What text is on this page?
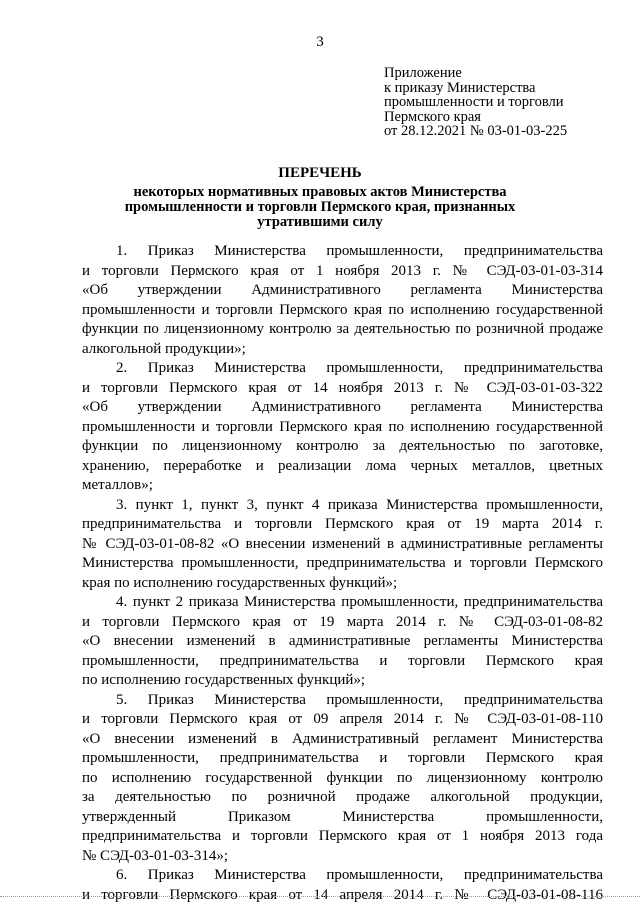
3
Приложение
к приказу Министерства
промышленности и торговли
Пермского края
от 28.12.2021 № 03-01-03-225
ПЕРЕЧЕНЬ
некоторых нормативных правовых актов Министерства
промышленности и торговли Пермского края, признанных
утратившими силу
1. Приказ Министерства промышленности, предпринимательства
и торговли Пермского края от 1 ноября 2013 г. № СЭД-03-01-03-314
«Об утверждении Административного регламента Министерства
промышленности и торговли Пермского края по исполнению государственной
функции по лицензионному контролю за деятельностью по розничной продаже
алкогольной продукции»;
2. Приказ Министерства промышленности, предпринимательства
и торговли Пермского края от 14 ноября 2013 г. № СЭД-03-01-03-322
«Об утверждении Административного регламента Министерства
промышленности и торговли Пермского края по исполнению государственной
функции по лицензионному контролю за деятельностью по заготовке,
хранению, переработке и реализации лома черных металлов, цветных
металлов»;
3. пункт 1, пункт 3, пункт 4 приказа Министерства промышленности,
предпринимательства и торговли Пермского края от 19 марта 2014 г.
№ СЭД-03-01-08-82 «О внесении изменений в административные регламенты
Министерства промышленности, предпринимательства и торговли Пермского
края по исполнению государственных функций»;
4. пункт 2 приказа Министерства промышленности, предпринимательства
и торговли Пермского края от 19 марта 2014 г. № СЭД-03-01-08-82
«О внесении изменений в административные регламенты Министерства
промышленности, предпринимательства и торговли Пермского края
по исполнению государственных функций»;
5. Приказ Министерства промышленности, предпринимательства
и торговли Пермского края от 09 апреля 2014 г. № СЭД-03-01-08-110
«О внесении изменений в Административный регламент Министерства
промышленности, предпринимательства и торговли Пермского края
по исполнению государственной функции по лицензионному контролю
за деятельностью по розничной продаже алкогольной продукции,
утвержденный Приказом Министерства промышленности,
предпринимательства и торговли Пермского края от 1 ноября 2013 года
№ СЭД-03-01-03-314»;
6. Приказ Министерства промышленности, предпринимательства
и торговли Пермского края от 14 апреля 2014 г. № СЭД-03-01-08-116
